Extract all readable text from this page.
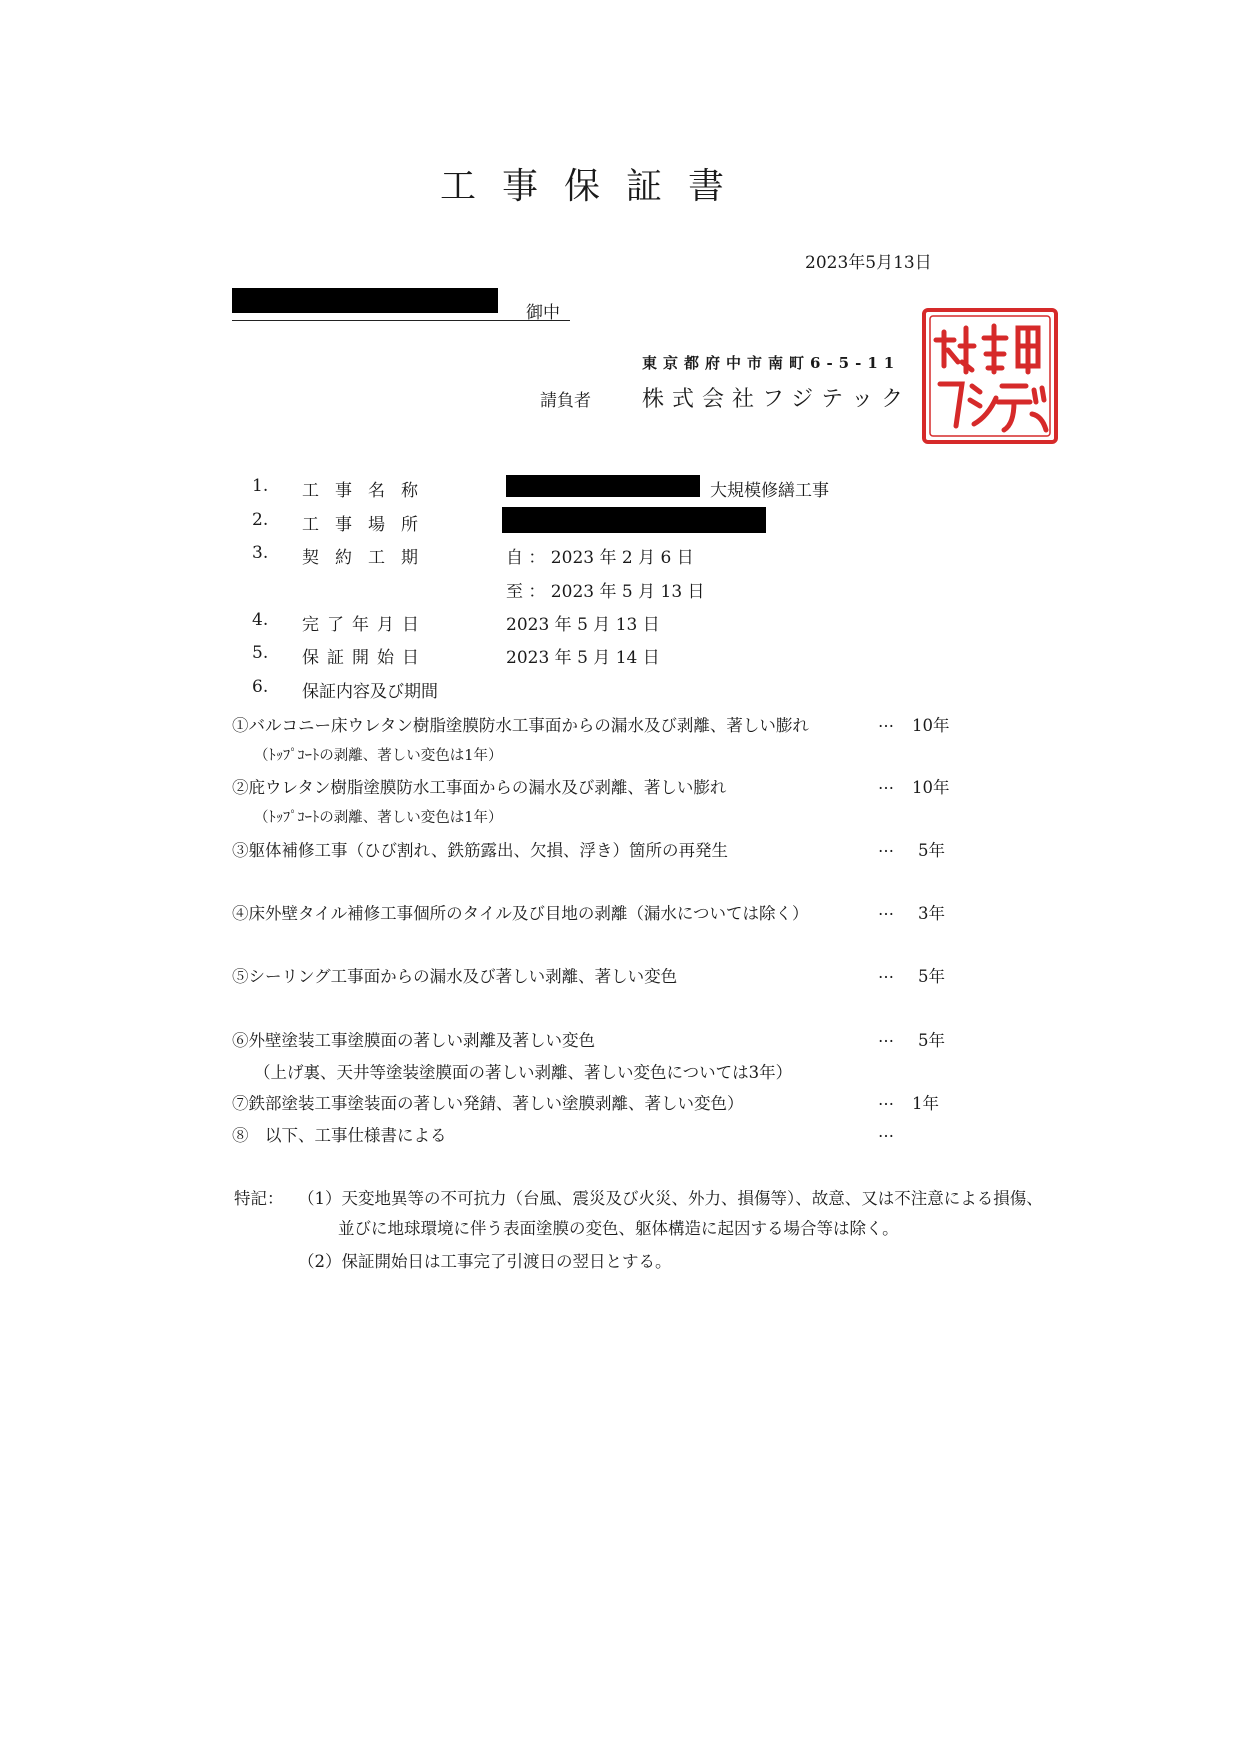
工事保証書
2023年5月13日
御中
東京都府中市南町6-5-11
請負者 株式会社フジテック
1. 工事名称	大規模修繕工事
2. 工事場所
3. 契約工期	自 ： 2023 年 2 月 6 日
至 ： 2023 年 5 月 13 日
4. 完了年月日	2023 年 5 月 13 日
5. 保証開始日	2023 年 5 月 14 日
6. 保証内容及び期間
①バルコニー床ウレタン樹脂塗膜防水工事面からの漏水及び剥離、著しい膨れ	… 10年
（ﾄｯﾌﾟｺｰﾄの剥離、著しい変色は1年）
②庇ウレタン樹脂塗膜防水工事面からの漏水及び剥離、著しい膨れ	… 10年
（ﾄｯﾌﾟｺｰﾄの剥離、著しい変色は1年）
③躯体補修工事（ひび割れ、鉄筋露出、欠損、浮き）箇所の再発生	… 5年
④床外壁タイル補修工事個所のタイル及び目地の剥離（漏水については除く）	… 3年
⑤シーリング工事面からの漏水及び著しい剥離、著しい変色	… 5年
⑥外壁塗装工事塗膜面の著しい剥離及著しい変色	… 5年
（上げ裏、天井等塗装塗膜面の著しい剥離、著しい変色については3年）
⑦鉄部塗装工事塗装面の著しい発錆、著しい塗膜剥離、著しい変色）	… 1年
⑧　以下、工事仕様書による	…
特記： （1）天変地異等の不可抗力（台風、震災及び火災、外力、損傷等）、故意、又は不注意による損傷、
並びに地球環境に伴う表面塗膜の変色、躯体構造に起因する場合等は除く。
（2）保証開始日は工事完了引渡日の翌日とする。
